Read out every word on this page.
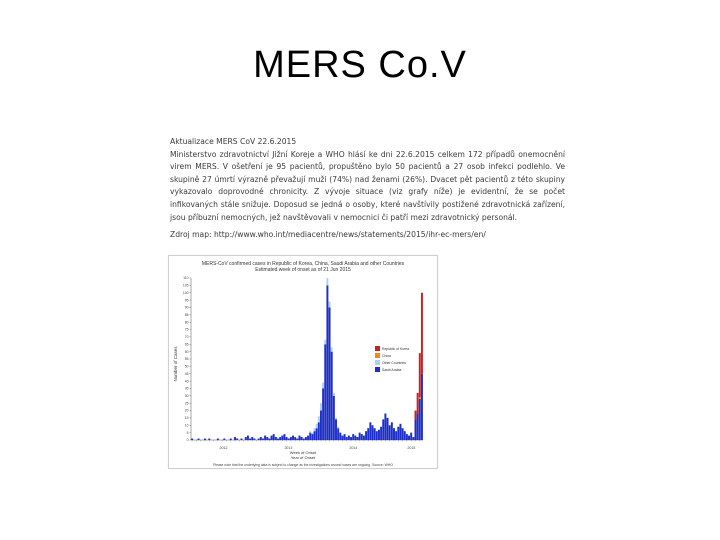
MERS Co.V

Aktualizace MERS CoV 22.6.2015
Ministerstvo zdravotnictví Jižní Koreje a WHO hlásí ke dni 22.6.2015 celkem 172 případů onemocnění virem MERS. V ošetření je 95 pacientů, propuštěno bylo 50 pacientů a 27 osob infekci podlehlo. Ve skupině 27 úmrtí výrazně převažují muži (74%) nad ženami (26%). Dvacet pět pacientů z této skupiny vykazovalo doprovodné chronicity. Z vývoje situace (viz grafy níže) je evidentní, že se počet infikovaných stále snižuje. Doposud se jedná o osoby, které navštívily postižené zdravotnická zařízení, jsou příbuzní nemocných, jež navštěvovali v nemocnici či patří mezi zdravotnický personál.

Zdroj map: http://www.who.int/mediacentre/news/statements/2015/ihr-ec-mers/en/

MERS-CoV confirmed cases in Republic of Korea, China, Saudi Arabia and other Countries
Estimated week of onset as of 21 Jun 2015
Number of Cases
Week of Onset
Year of Onset
Please note that the underlying data is subject to change as the investigations around cases are ongoing. Source: WHO
0
5
10
15
20
25
30
35
40
45
50
55
60
65
70
75
80
85
90
95
100
105
110
2012	2013	2014	2015
Republic of Korea
China
Other Countries
Saudi Arabia
